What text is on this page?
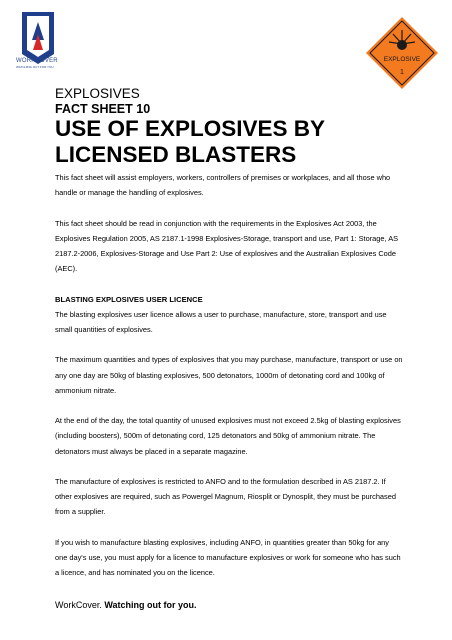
WORKCOVER
WATCHING OUT FOR YOU
EXPLOSIVE
1
EXPLOSIVES
FACT SHEET 10
USE OF EXPLOSIVES BY LICENSED BLASTERS

This fact sheet will assist employers, workers, controllers of premises or workplaces, and all those who handle or manage the handling of explosives.

This fact sheet should be read in conjunction with the requirements in the Explosives Act 2003, the Explosives Regulation 2005, AS 2187.1-1998 Explosives-Storage, transport and use, Part 1: Storage, AS 2187.2-2006, Explosives-Storage and Use Part 2: Use of explosives and the Australian Explosives Code (AEC).

BLASTING EXPLOSIVES USER LICENCE

The blasting explosives user licence allows a user to purchase, manufacture, store, transport and use small quantities of explosives.

The maximum quantities and types of explosives that you may purchase, manufacture, transport or use on any one day are 50kg of blasting explosives, 500 detonators, 1000m of detonating cord and 100kg of ammonium nitrate.

At the end of the day, the total quantity of unused explosives must not exceed 2.5kg of blasting explosives (including boosters), 500m of detonating cord, 125 detonators and 50kg of ammonium nitrate. The detonators must always be placed in a separate magazine.

The manufacture of explosives is restricted to ANFO and to the formulation described in AS 2187.2. If other explosives are required, such as Powergel Magnum, Riosplit or Dynosplit, they must be purchased from a supplier.

If you wish to manufacture blasting explosives, including ANFO, in quantities greater than 50kg for any one day's use, you must apply for a licence to manufacture explosives or work for someone who has such a licence, and has nominated you on the licence.

WorkCover. Watching out for you.
